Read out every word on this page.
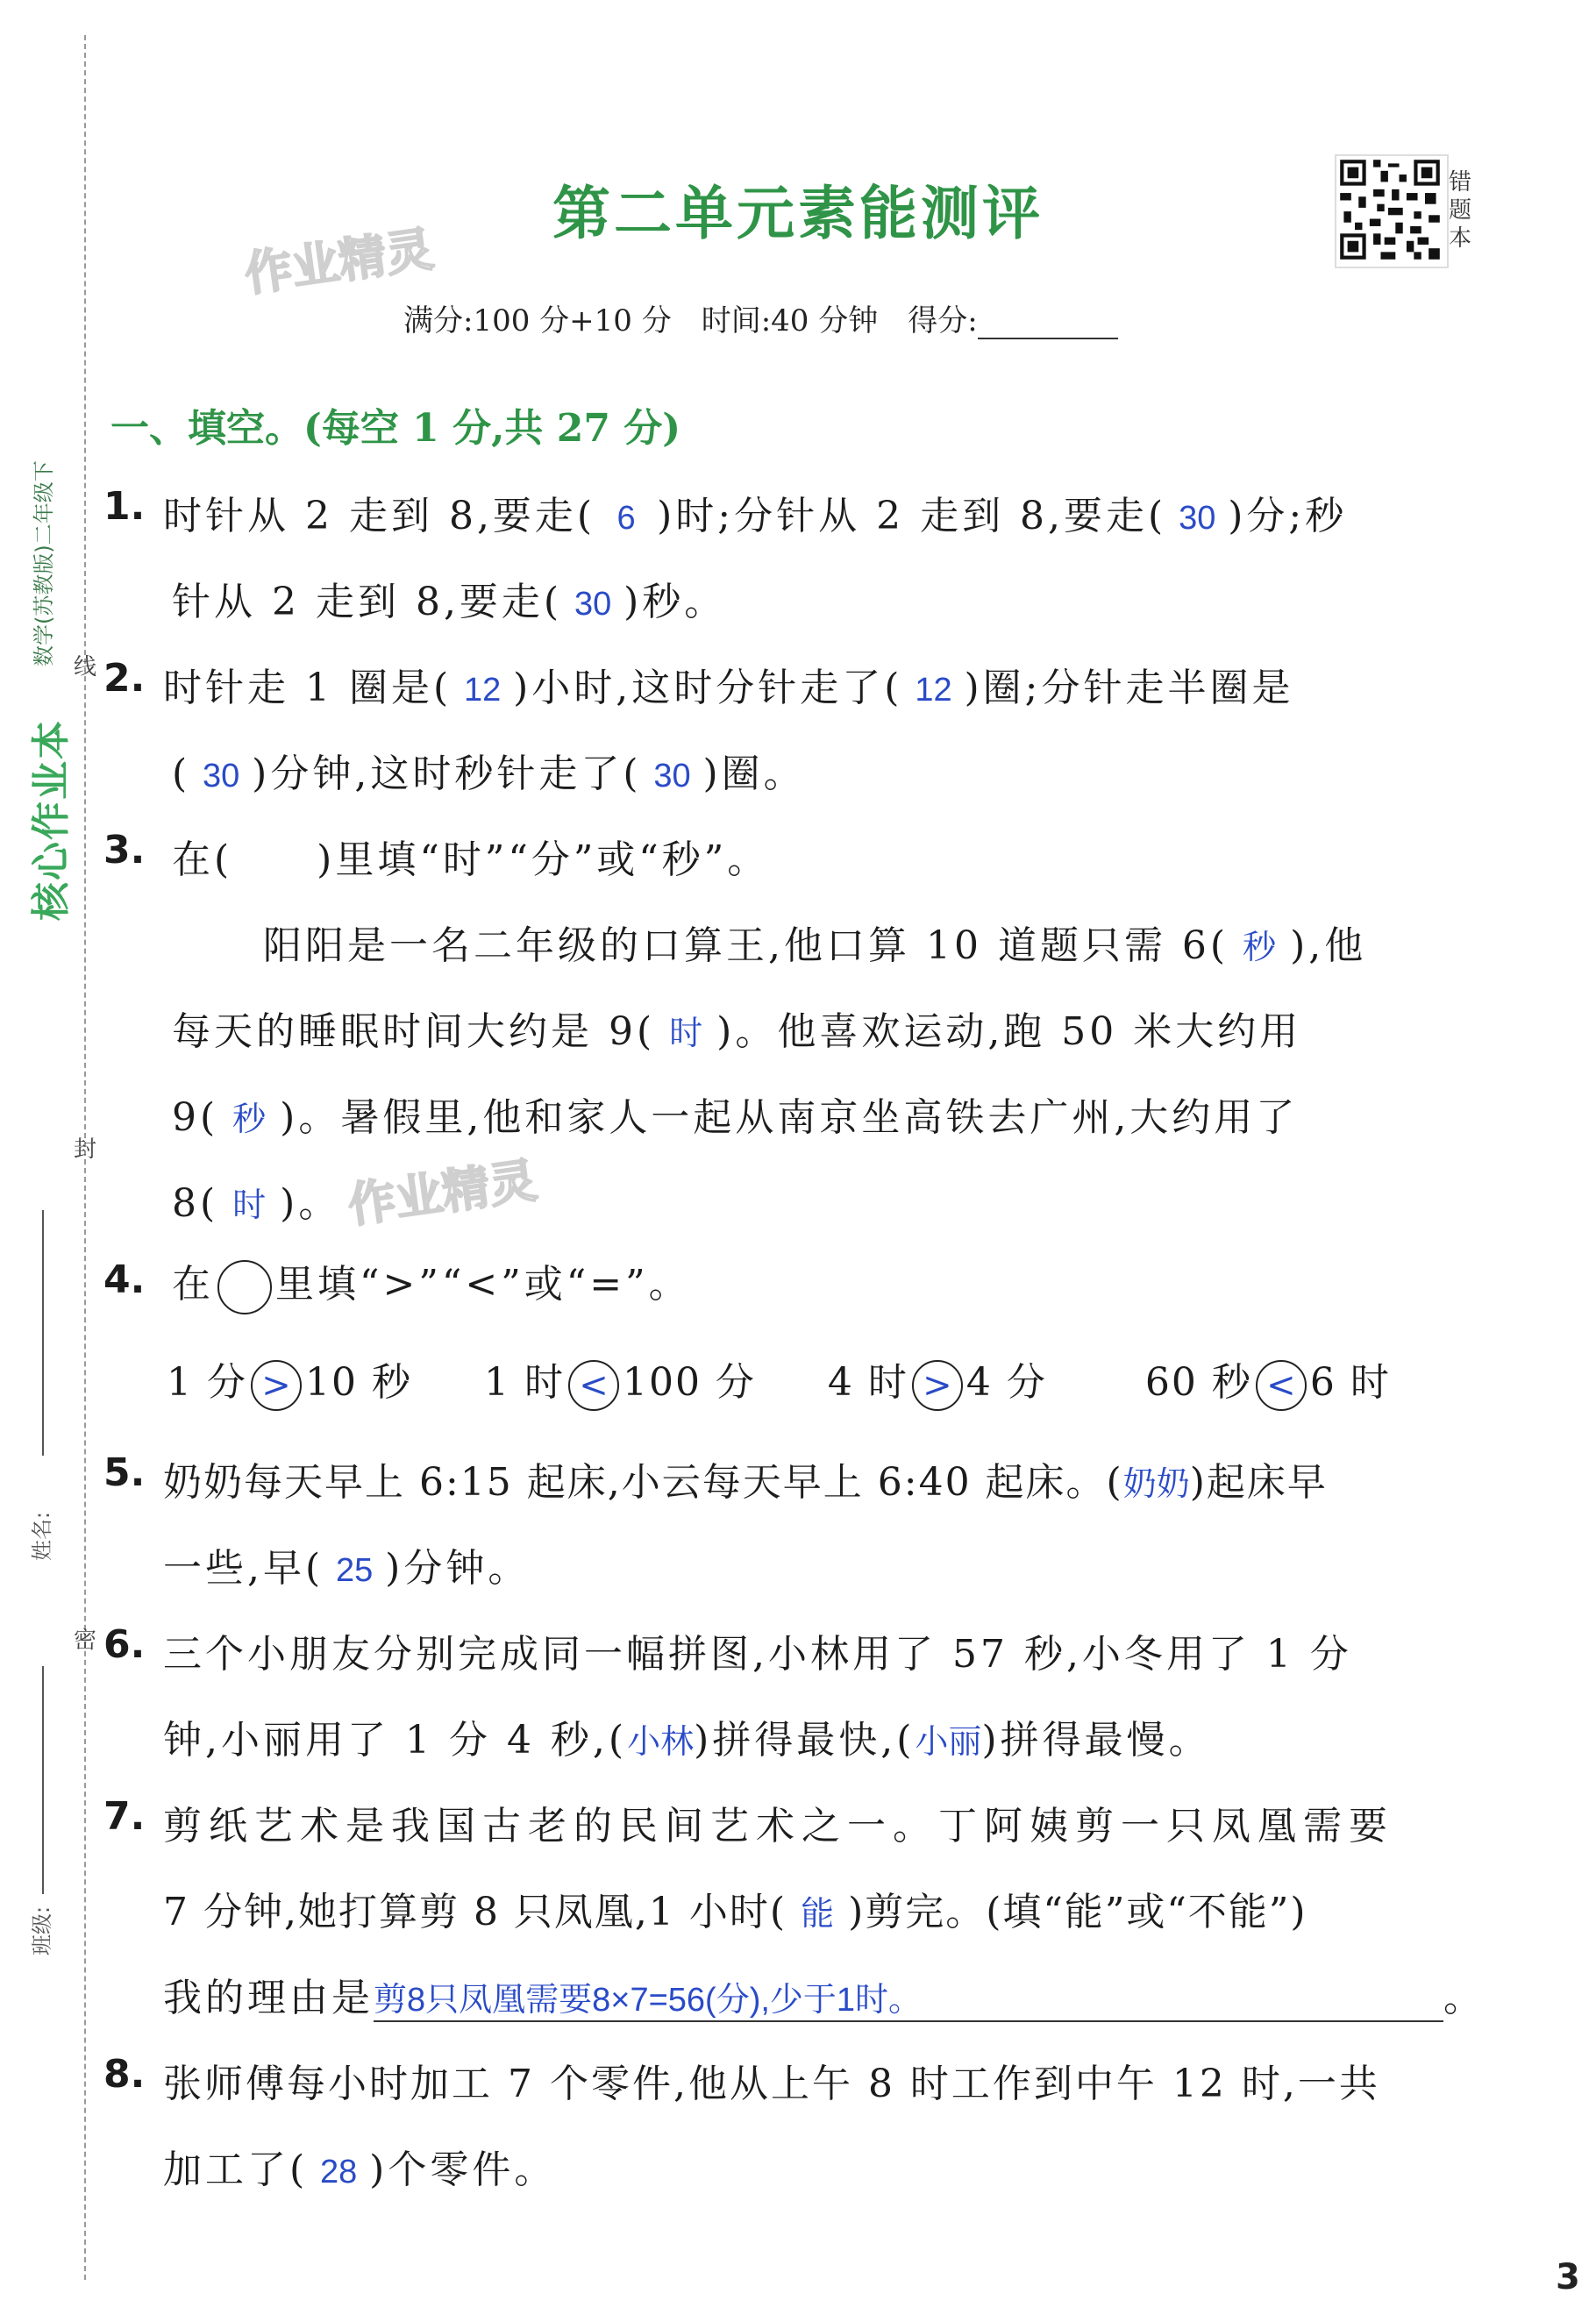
核心作业本
数学(苏教版)二年级下
线
封
密
姓名:
班级:
第二单元素能测评
作业精灵
作业精灵
错题本
满分:100 分+10 分　时间:40 分钟　得分:
一、填空。(每空 1 分,共 27 分)
1. 时针从 2 走到 8,要走( 6 )时;分针从 2 走到 8,要走( 30 )分;秒
针从 2 走到 8,要走( 30 )秒。
2. 时针走 1 圈是( 12 )小时,这时分针走了( 12 )圈;分针走半圈是
( 30 )分钟,这时秒针走了( 30 )圈。
3. 在(　　)里填“时”“分”或“秒”。
阳阳是一名二年级的口算王,他口算 10 道题只需 6( 秒 ),他
每天的睡眠时间大约是 9( 时 )。他喜欢运动,跑 50 米大约用
9( 秒 )。暑假里,他和家人一起从南京坐高铁去广州,大约用了
8( 时 )。
4. 在 里填“>”“<”或“=”。
1 分 > 10 秒 1 时 < 100 分 4 时 > 4 分	60 秒 < 6 时
5. 奶奶每天早上 6:15 起床,小云每天早上 6:40 起床。(奶奶)起床早
一些,早( 25 )分钟。
6. 三个小朋友分别完成同一幅拼图,小林用了 57 秒,小冬用了 1 分
钟,小丽用了 1 分 4 秒,(小林)拼得最快,(小丽)拼得最慢。
7. 剪纸艺术是我国古老的民间艺术之一。丁阿姨剪一只凤凰需要
7 分钟,她打算剪 8 只凤凰,1 小时( 能 )剪完。(填“能”或“不能”)
我的理由是剪8只凤凰需要8×7=56(分),少于1时。	。
8. 张师傅每小时加工 7 个零件,他从上午 8 时工作到中午 12 时,一共
加工了( 28 )个零件。
3
